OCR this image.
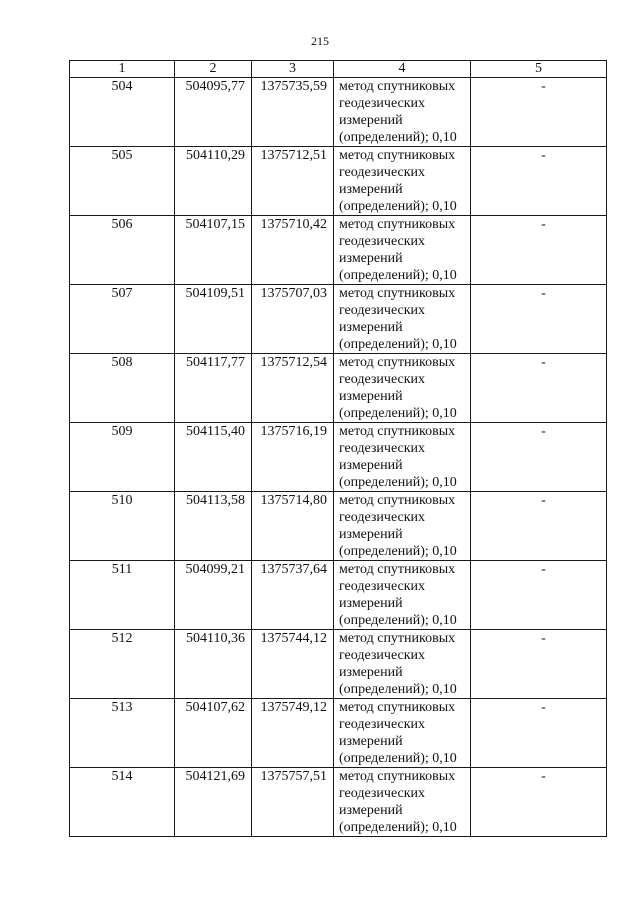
215
1	2	3	4	5
504	504095,77	1375735,59	метод спутниковых
геодезических
измерений
(определений); 0,10	-

505	504110,29	1375712,51	метод спутниковых
геодезических
измерений
(определений); 0,10	-

506	504107,15	1375710,42	метод спутниковых
геодезических
измерений
(определений); 0,10	-

507	504109,51	1375707,03	метод спутниковых
геодезических
измерений
(определений); 0,10	-

508	504117,77	1375712,54	метод спутниковых
геодезических
измерений
(определений); 0,10	-

509	504115,40	1375716,19	метод спутниковых
геодезических
измерений
(определений); 0,10	-

510	504113,58	1375714,80	метод спутниковых
геодезических
измерений
(определений); 0,10	-

511	504099,21	1375737,64	метод спутниковых
геодезических
измерений
(определений); 0,10	-

512	504110,36	1375744,12	метод спутниковых
геодезических
измерений
(определений); 0,10	-

513	504107,62	1375749,12	метод спутниковых
геодезических
измерений
(определений); 0,10	-

514	504121,69	1375757,51	метод спутниковых
геодезических
измерений
(определений); 0,10	-
